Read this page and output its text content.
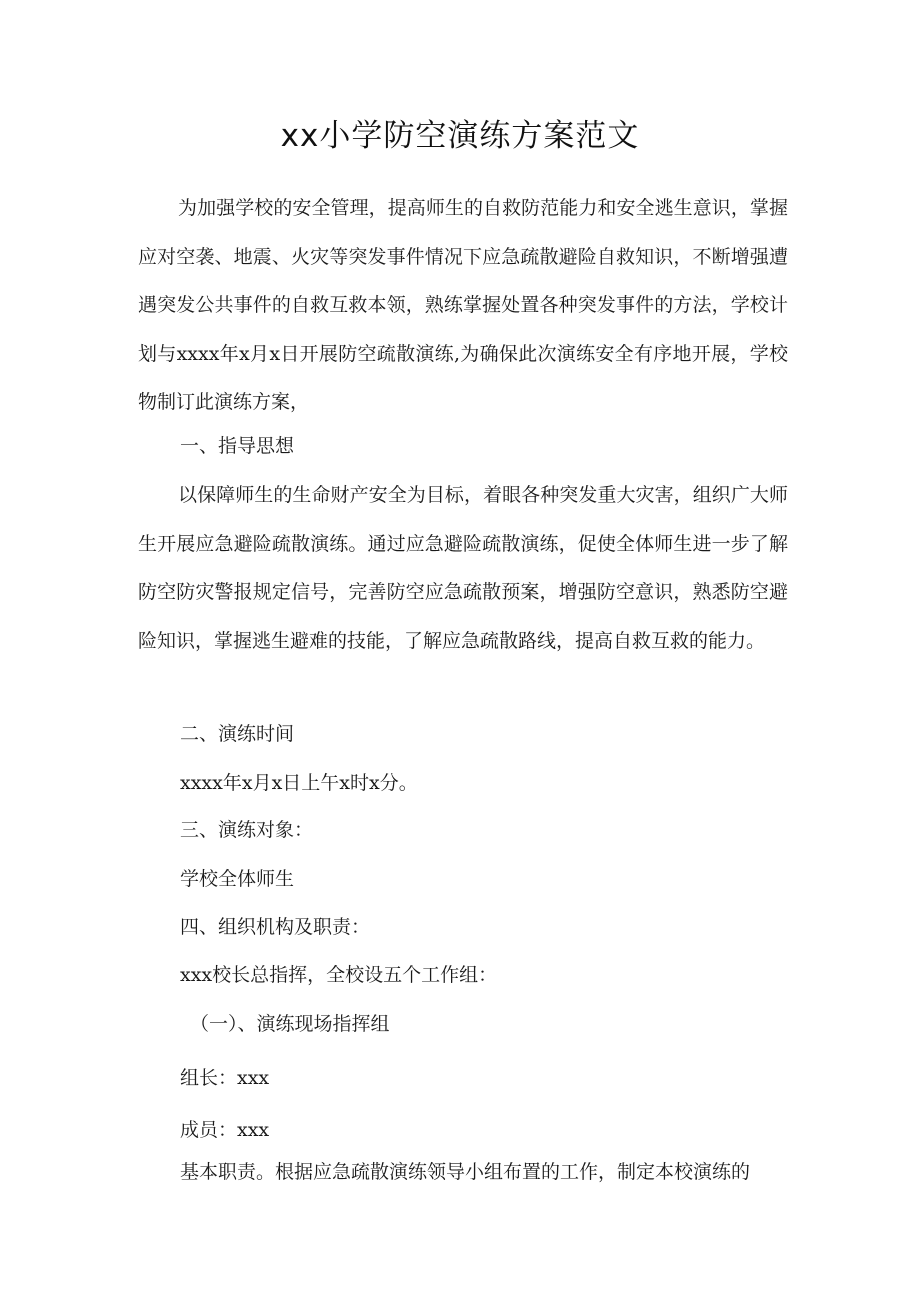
xx小学防空演练方案范文

为加强学校的安全管理，提高师生的自救防范能力和安全逃生意识，掌握应对空袭、地震、火灾等突发事件情况下应急疏散避险自救知识，不断增强遭遇突发公共事件的自救互救本领，熟练掌握处置各种突发事件的方法，学校计划与xxxx年x月x日开展防空疏散演练,为确保此次演练安全有序地开展，学校物制订此演练方案，

一、指导思想

以保障师生的生命财产安全为目标，着眼各种突发重大灾害，组织广大师生开展应急避险疏散演练。通过应急避险疏散演练，促使全体师生进一步了解防空防灾警报规定信号，完善防空应急疏散预案，增强防空意识，熟悉防空避险知识，掌握逃生避难的技能，了解应急疏散路线，提高自救互救的能力。

二、演练时间

xxxx年x月x日上午x时x分。

三、演练对象：

学校全体师生

四、组织机构及职责：

xxx校长总指挥，全校设五个工作组：

（一）、演练现场指挥组

组长：xxx

成员：xxx

基本职责。根据应急疏散演练领导小组布置的工作，制定本校演练的
